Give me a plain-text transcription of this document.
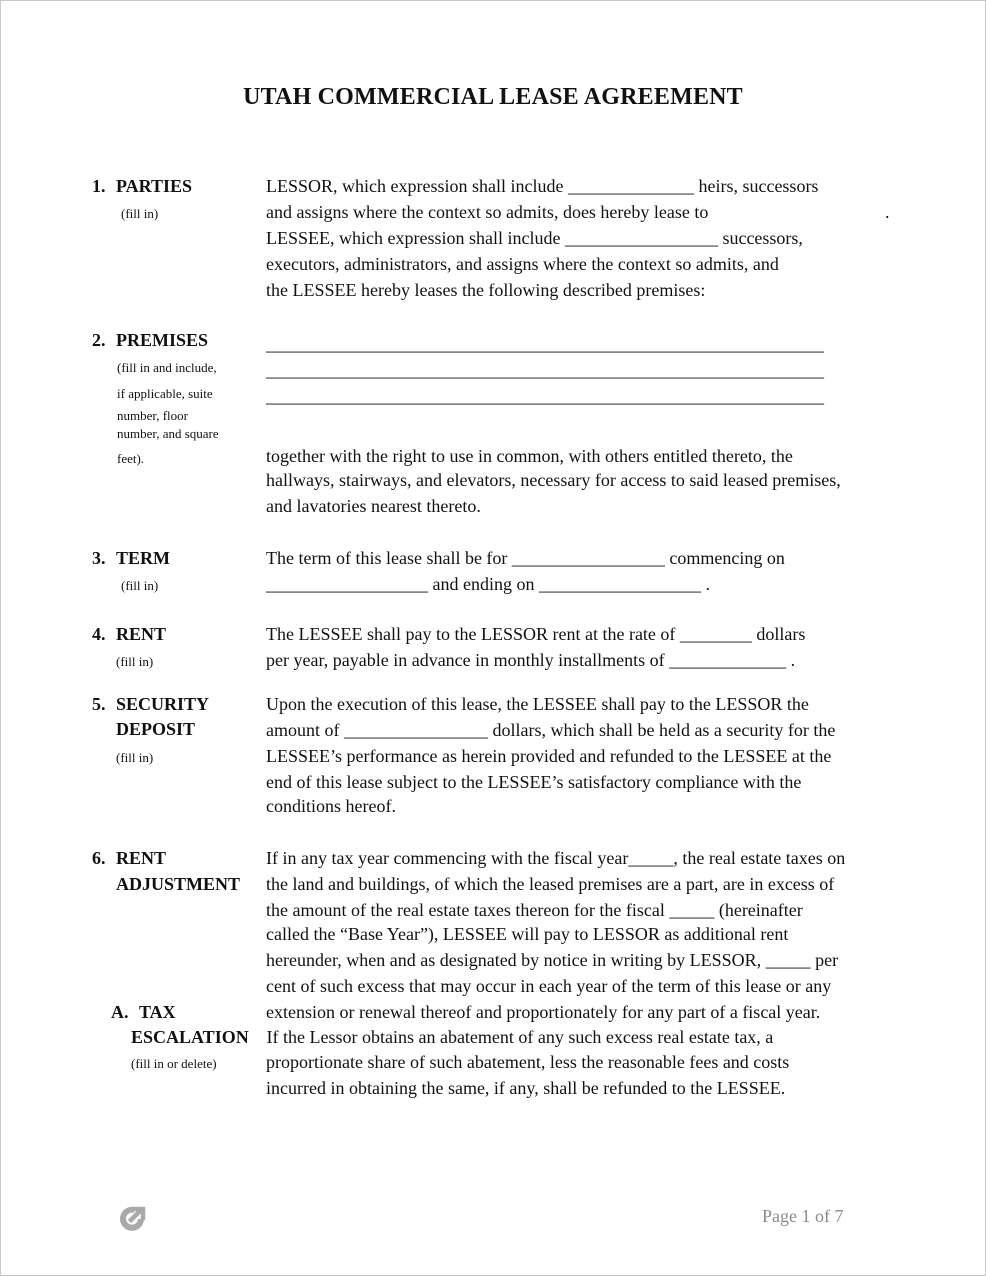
UTAH COMMERCIAL LEASE AGREEMENT
1. PARTIES
(fill in)
LESSOR, which expression shall include ______________ heirs, successors
and assigns where the context so admits, does hereby lease to	.
LESSEE, which expression shall include _________________ successors,
executors, administrators, and assigns where the context so admits, and
the LESSEE hereby leases the following described premises:
2. PREMISES
(fill in and include,
if applicable, suite
number, floor
number, and square
feet).
______________________________________________________________
______________________________________________________________
______________________________________________________________
together with the right to use in common, with others entitled thereto, the
hallways, stairways, and elevators, necessary for access to said leased premises,
and lavatories nearest thereto.
3. TERM
(fill in)
The term of this lease shall be for _________________ commencing on
__________________ and ending on __________________ .
4. RENT
(fill in)
The LESSEE shall pay to the LESSOR rent at the rate of ________ dollars
per year, payable in advance in monthly installments of _____________ .
5. SECURITY
DEPOSIT
(fill in)
Upon the execution of this lease, the LESSEE shall pay to the LESSOR the
amount of ________________ dollars, which shall be held as a security for the
LESSEE’s performance as herein provided and refunded to the LESSEE at the
end of this lease subject to the LESSEE’s satisfactory compliance with the
conditions hereof.
6. RENT
ADJUSTMENT
If in any tax year commencing with the fiscal year_____, the real estate taxes on
the land and buildings, of which the leased premises are a part, are in excess of
the amount of the real estate taxes thereon for the fiscal _____ (hereinafter
called the “Base Year”), LESSEE will pay to LESSOR as additional rent
hereunder, when and as designated by notice in writing by LESSOR, _____ per
cent of such excess that may occur in each year of the term of this lease or any
extension or renewal thereof and proportionately for any part of a fiscal year.
If the Lessor obtains an abatement of any such excess real estate tax, a
proportionate share of such abatement, less the reasonable fees and costs
incurred in obtaining the same, if any, shall be refunded to the LESSEE.
A. TAX
ESCALATION
(fill in or delete)
Page 1 of 7
